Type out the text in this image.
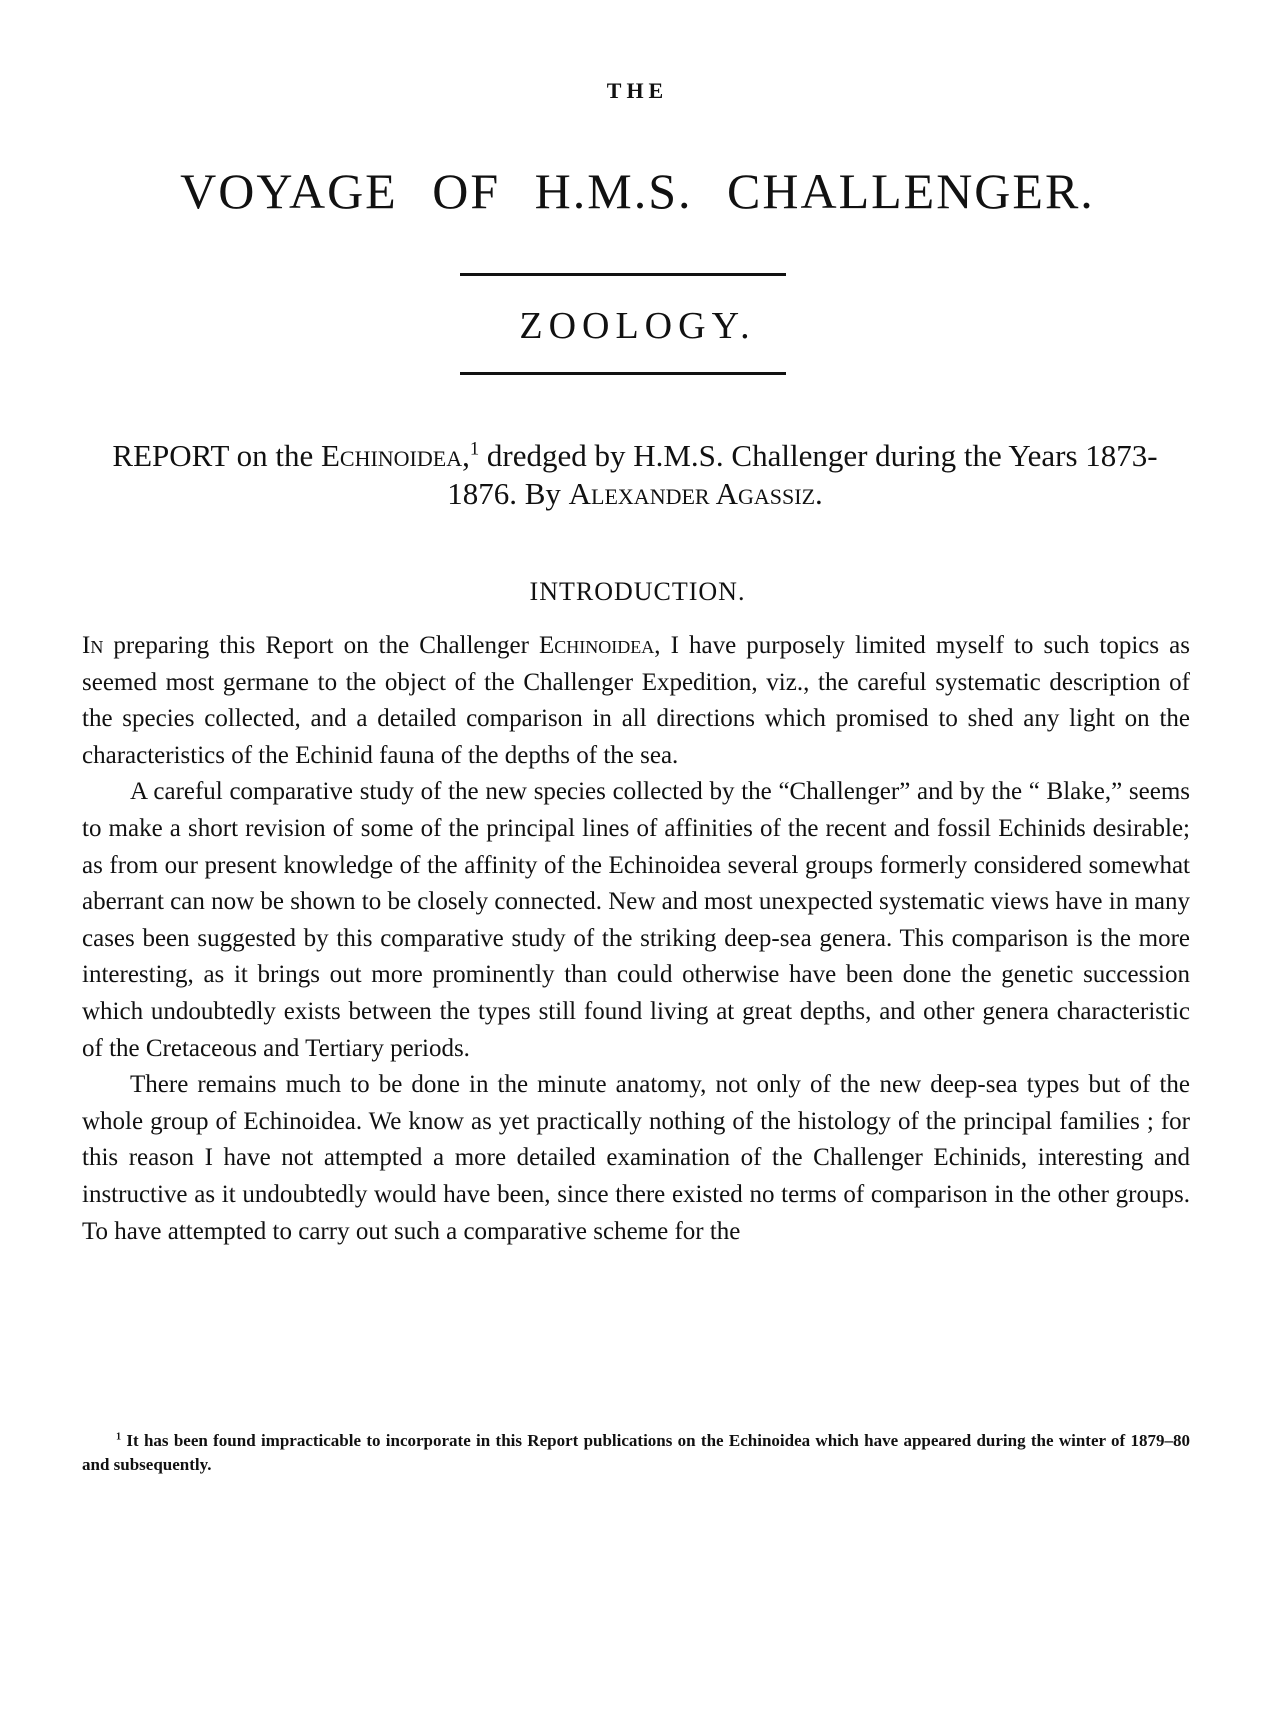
THE
VOYAGE OF H.M.S. CHALLENGER.
ZOOLOGY.
REPORT on the Echinoidea,$^1$ dredged by H.M.S. Challenger during the Years 1873-1876. By Alexander Agassiz.
INTRODUCTION.

In preparing this Report on the Challenger Echinoidea, I have purposely limited myself to such topics as seemed most germane to the object of the Challenger Expedition, viz., the careful systematic description of the species collected, and a detailed comparison in all directions which promised to shed any light on the characteristics of the Echinid fauna of the depths of the sea.

A careful comparative study of the new species collected by the “Challenger” and by the “ Blake,” seems to make a short revision of some of the principal lines of affinities of the recent and fossil Echinids desirable; as from our present knowledge of the affinity of the Echinoidea several groups formerly considered somewhat aberrant can now be shown to be closely connected. New and most unexpected systematic views have in many cases been suggested by this comparative study of the striking deep-sea genera. This comparison is the more interesting, as it brings out more prominently than could otherwise have been done the genetic succession which undoubtedly exists between the types still found living at great depths, and other genera characteristic of the Cretaceous and Tertiary periods.

There remains much to be done in the minute anatomy, not only of the new deep-sea types but of the whole group of Echinoidea. We know as yet practically nothing of the histology of the principal families ; for this reason I have not attempted a more detailed examination of the Challenger Echinids, interesting and instructive as it undoubtedly would have been, since there existed no terms of comparison in the other groups. To have attempted to carry out such a comparative scheme for the

$^1$ It has been found impracticable to incorporate in this Report publications on the Echinoidea which have appeared during the winter of 1879–80 and subsequently.
